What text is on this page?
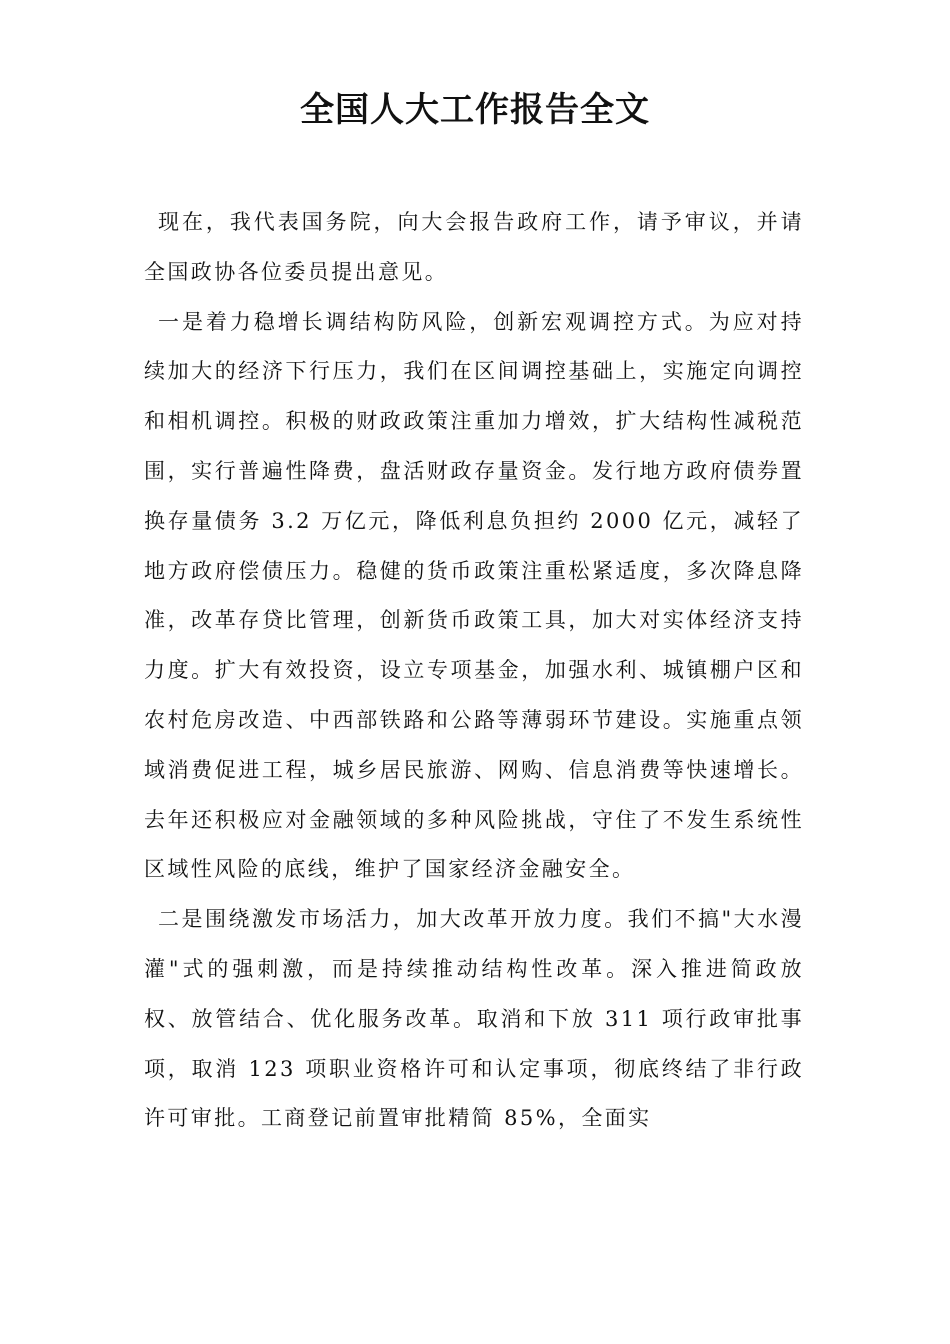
全国人大工作报告全文

现在，我代表国务院，向大会报告政府工作，请予审议，并请全国政协各位委员提出意见。

一是着力稳增长调结构防风险，创新宏观调控方式。为应对持续加大的经济下行压力，我们在区间调控基础上，实施定向调控和相机调控。积极的财政政策注重加力增效，扩大结构性减税范围，实行普遍性降费，盘活财政存量资金。发行地方政府债券置换存量债务 3.2 万亿元，降低利息负担约 2000 亿元，减轻了地方政府偿债压力。稳健的货币政策注重松紧适度，多次降息降准，改革存贷比管理，创新货币政策工具，加大对实体经济支持力度。扩大有效投资，设立专项基金，加强水利、城镇棚户区和农村危房改造、中西部铁路和公路等薄弱环节建设。实施重点领域消费促进工程，城乡居民旅游、网购、信息消费等快速增长。去年还积极应对金融领域的多种风险挑战，守住了不发生系统性区域性风险的底线，维护了国家经济金融安全。

二是围绕激发市场活力，加大改革开放力度。我们不搞"大水漫灌"式的强刺激，而是持续推动结构性改革。深入推进简政放权、放管结合、优化服务改革。取消和下放 311 项行政审批事项，取消 123 项职业资格许可和认定事项，彻底终结了非行政许可审批。工商登记前置审批精简 85%，全面实
